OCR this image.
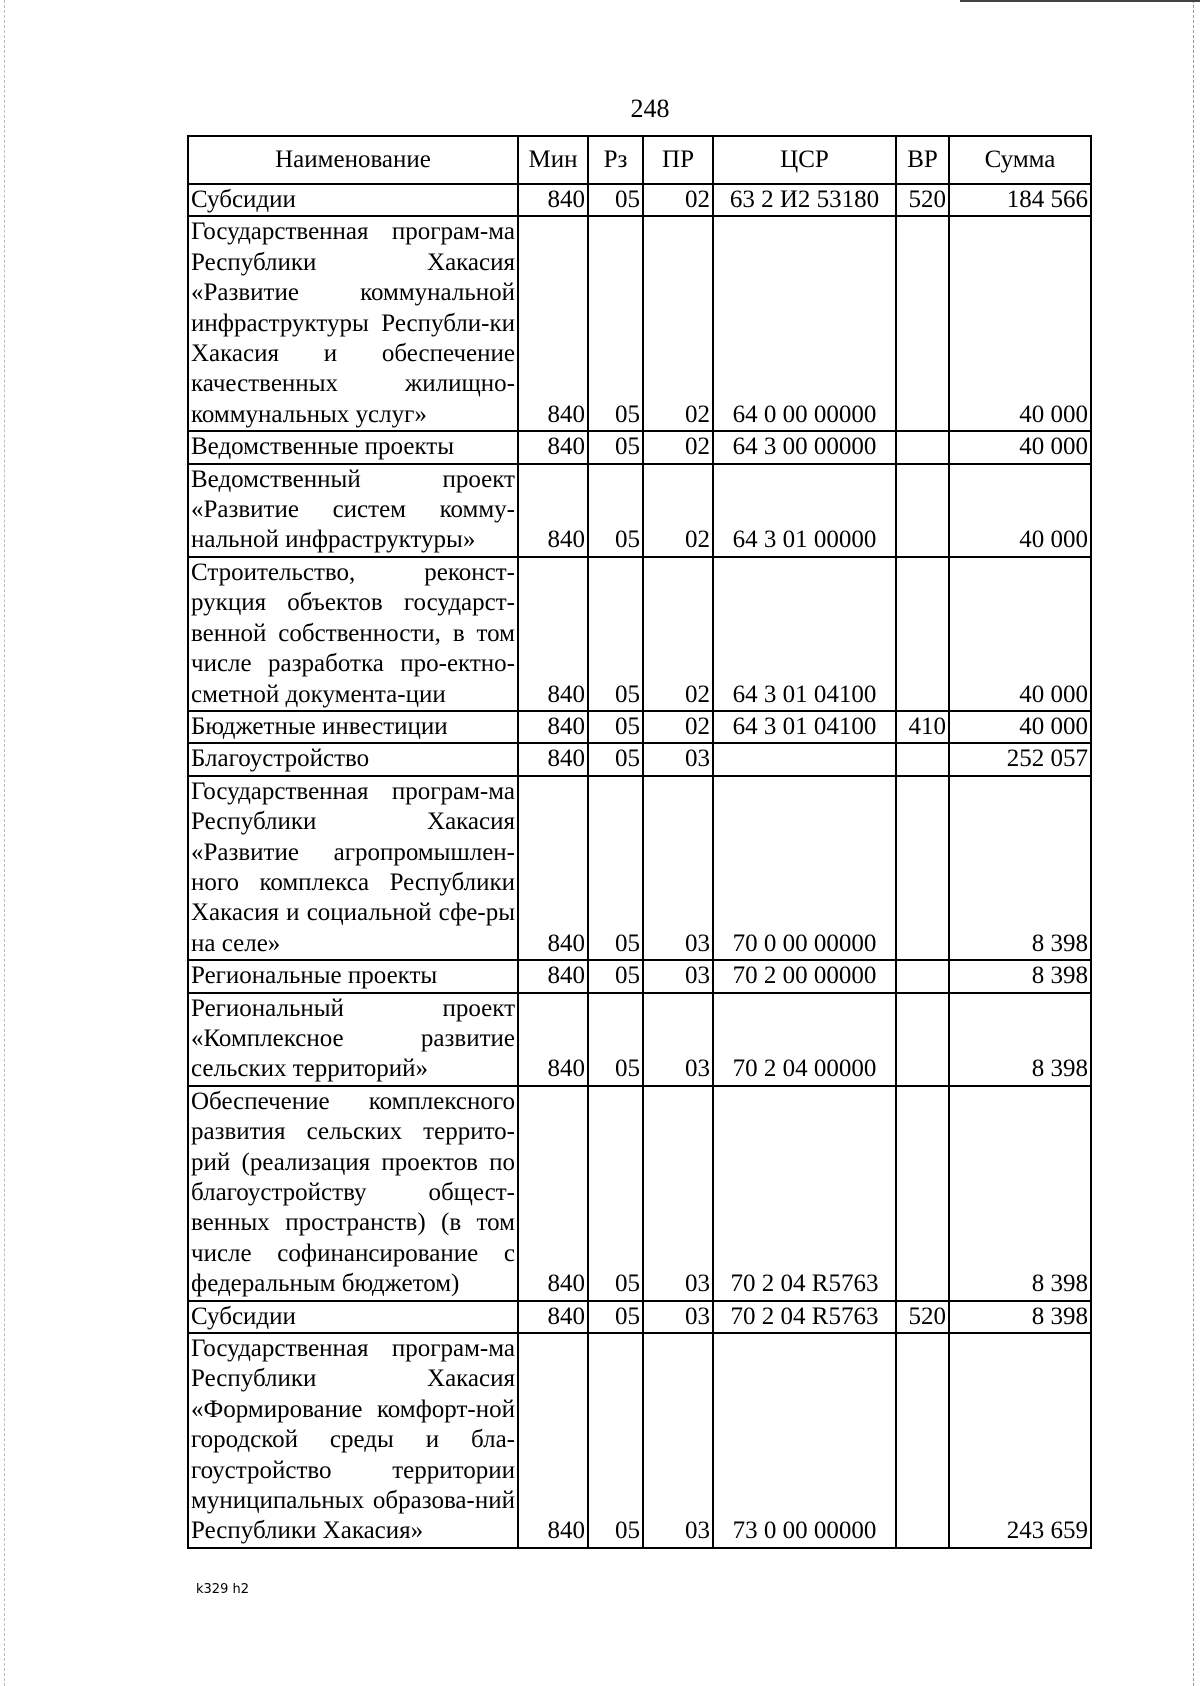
248
Наименование	Мин	Рз	ПР	ЦСР	ВР	Сумма
Субсидии	840	05	02	63 2 И2 53180	520	184 566
Государственная програм-ма Республики Хакасия «Развитие коммунальной инфраструктуры Республи-ки Хакасия и обеспечение качественных жилищно-коммунальных услуг»	840	05	02	64 0 00 00000		40 000
Ведомственные проекты	840	05	02	64 3 00 00000		40 000
Ведомственный проект «Развитие систем комму-нальной инфраструктуры»	840	05	02	64 3 01 00000		40 000
Строительство, реконст-рукция объектов государст-венной собственности, в том числе разработка про-ектно-сметной документа-ции	840	05	02	64 3 01 04100		40 000
Бюджетные инвестиции	840	05	02	64 3 01 04100	410	40 000
Благоустройство	840	05	03			252 057
Государственная програм-ма Республики Хакасия «Развитие агропромышлен-ного комплекса Республики Хакасия и социальной сфе-ры на селе»	840	05	03	70 0 00 00000		8 398
Региональные проекты	840	05	03	70 2 00 00000		8 398
Региональный проект «Комплексное развитие сельских территорий»	840	05	03	70 2 04 00000		8 398
Обеспечение комплексного развития сельских террито-рий (реализация проектов по благоустройству общест-венных пространств) (в том числе софинансирование с федеральным бюджетом)	840	05	03	70 2 04 R5763		8 398
Субсидии	840	05	03	70 2 04 R5763	520	8 398
Государственная програм-ма Республики Хакасия «Формирование комфорт-ной городской среды и бла-гоустройство территории муниципальных образова-ний Республики Хакасия»	840	05	03	73 0 00 00000		243 659
k329 h2
